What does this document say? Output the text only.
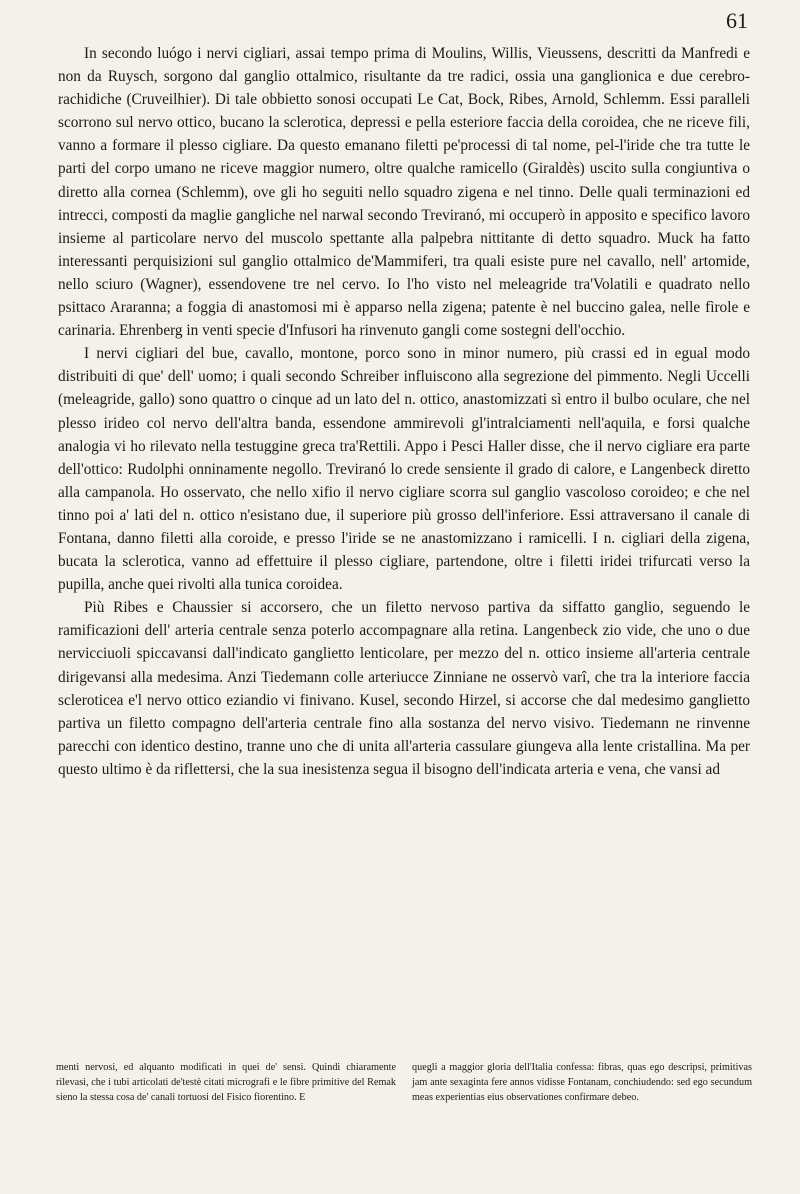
61

In secondo luógo i nervi cigliari, assai tempo prima di Moulins, Willis, Vieussens, descritti da Manfredi e non da Ruysch, sorgono dal ganglio ottalmico, risultante da tre radici, ossia una ganglionica e due cerebro-rachidiche (Cruveilhier). Di tale obbietto sonosi occupati Le Cat, Bock, Ribes, Arnold, Schlemm. Essi paralleli scorrono sul nervo ottico, bucano la sclerotica, depressi e pella esteriore faccia della coroidea, che ne riceve fili, vanno a formare il plesso cigliare. Da questo emanano filetti pe'processi di tal nome, pel-l'iride che tra tutte le parti del corpo umano ne riceve maggior numero, oltre qualche ramicello (Giraldès) uscito sulla congiuntiva o diretto alla cornea (Schlemm), ove gli ho seguiti nello squadro zigena e nel tinno. Delle quali terminazioni ed intrecci, composti da maglie gangliche nel narwal secondo Treviranó, mi occuperò in apposito e specifico lavoro insieme al particolare nervo del muscolo spettante alla palpebra nittitante di detto squadro. Muck ha fatto interessanti perquisizioni sul ganglio ottalmico de'Mammiferi, tra quali esiste pure nel cavallo, nell' artomide, nello sciuro (Wagner), essendovene tre nel cervo. Io l'ho visto nel meleagride tra'Volatili e quadrato nello psittaco Araranna; a foggia di anastomosi mi è apparso nella zigena; patente è nel buccino galea, nelle fìrole e carinaria. Ehrenberg in venti specie d'Infusori ha rinvenuto gangli come sostegni dell'occhio.

I nervi cigliari del bue, cavallo, montone, porco sono in minor numero, più crassi ed in egual modo distribuiti di que' dell' uomo; i quali secondo Schreiber influiscono alla segrezione del pimmento. Negli Uccelli (meleagride, gallo) sono quattro o cinque ad un lato del n. ottico, anastomizzati sì entro il bulbo oculare, che nel plesso irideo col nervo dell'altra banda, essendone ammirevoli gl'intralciamenti nell'aquila, e forsi qualche analogia vi ho rilevato nella testuggine greca tra'Rettili. Appo i Pesci Haller disse, che il nervo cigliare era parte dell'ottico: Rudolphi onninamente negollo. Treviranó lo crede sensiente il grado di calore, e Langenbeck diretto alla campanola. Ho osservato, che nello xifio il nervo cigliare scorra sul ganglio vascoloso coroideo; e che nel tinno poi a' lati del n. ottico n'esistano due, il superiore più grosso dell'inferiore. Essi attraversano il canale di Fontana, danno filetti alla coroide, e presso l'iride se ne anastomizzano i ramicelli. I n. cigliari della zigena, bucata la sclerotica, vanno ad effettuire il plesso cigliare, partendone, oltre i filetti iridei trifurcati verso la pupilla, anche quei rivolti alla tunica coroidea.

Più Ribes e Chaussier si accorsero, che un filetto nervoso partiva da siffatto ganglio, seguendo le ramificazioni dell' arteria centrale senza poterlo accompagnare alla retina. Langenbeck zio vide, che uno o due nervicciuoli spiccavansi dall'indicato ganglietto lenticolare, per mezzo del n. ottico insieme all'arteria centrale dirigevansi alla medesima. Anzi Tiedemann colle arteriucce Zinniane ne osservò varî, che tra la interiore faccia scleroticea e'l nervo ottico eziandio vi finivano. Kusel, secondo Hirzel, si accorse che dal medesimo ganglietto partiva un filetto compagno dell'arteria centrale fino alla sostanza del nervo visivo. Tiedemann ne rinvenne parecchi con identico destino, tranne uno che di unita all'arteria cassulare giungeva alla lente cristallina. Ma per questo ultimo è da riflettersi, che la sua inesistenza segua il bisogno dell'indicata arteria e vena, che vansi ad

menti nervosi, ed alquanto modificati in quei de' sensi. Quindi chiaramente rilevasi, che i tubi articolati de'testè citati micrografi e le fibre primitive del Remak sieno la stessa cosa de' canali tortuosi del Fisico fiorentino. E
quegli a maggior gloria dell'Italia confessa: fibras, quas ego descripsi, primitivas jam ante sexaginta fere annos vidisse Fontanam, conchiudendo: sed ego secundum meas experientias eius observationes confirmare debeo.
